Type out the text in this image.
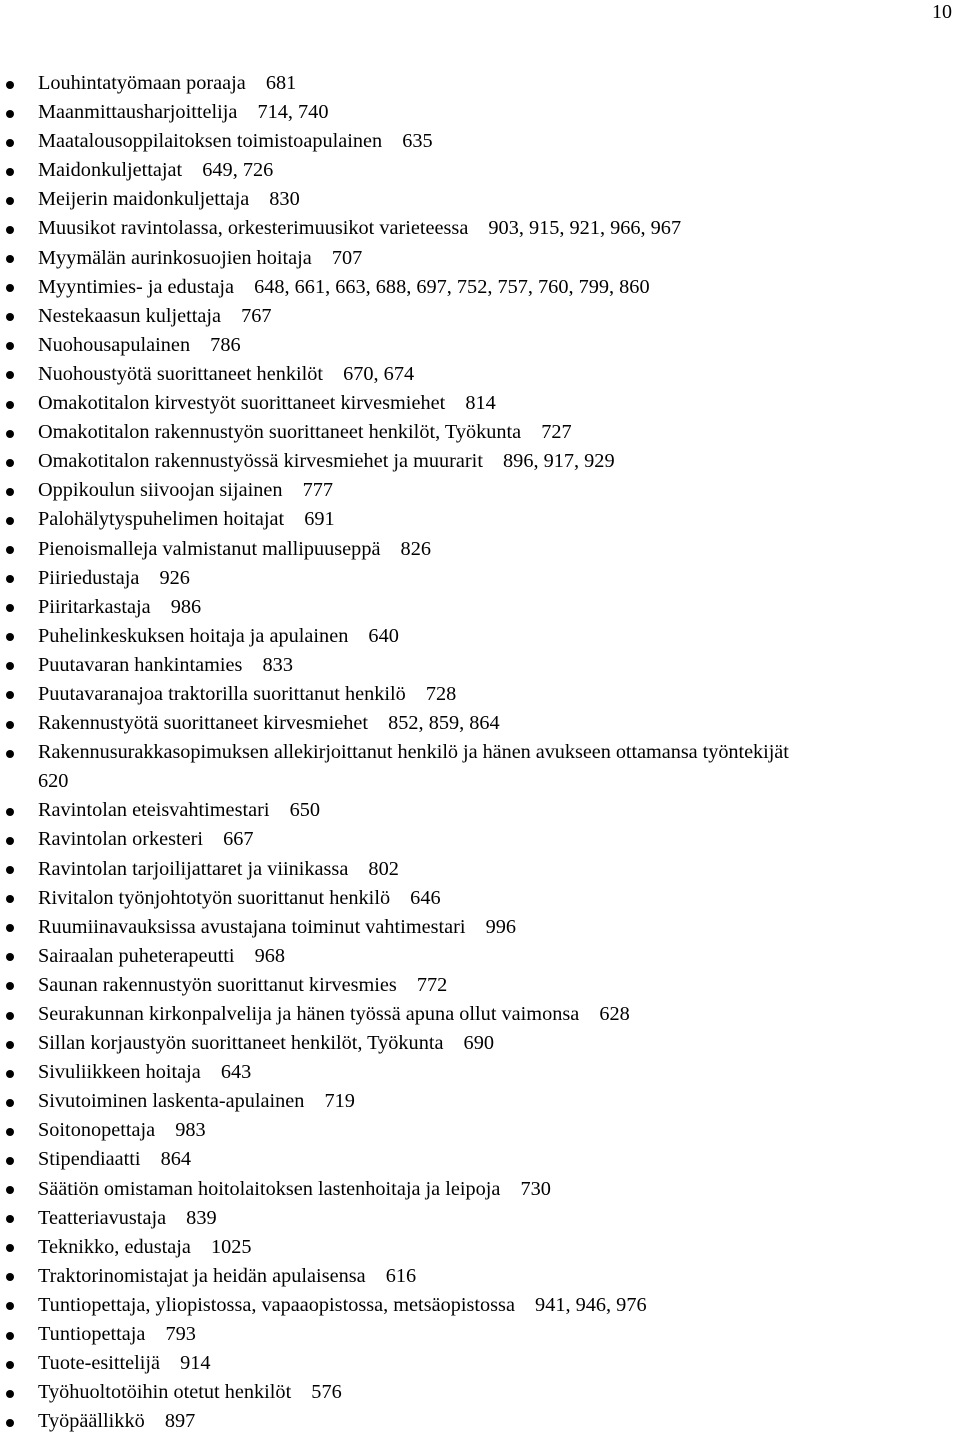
10
Louhintatyömaan poraaja 681
Maanmittausharjoittelija 714, 740
Maatalousoppilaitoksen toimistoapulainen 635
Maidonkuljettajat 649, 726
Meijerin maidonkuljettaja 830
Muusikot ravintolassa, orkesterimuusikot varieteessa 903, 915, 921, 966, 967
Myymälän aurinkosuojien hoitaja 707
Myyntimies- ja edustaja 648, 661, 663, 688, 697, 752, 757, 760, 799, 860
Nestekaasun kuljettaja 767
Nuohousapulainen 786
Nuohoustyötä suorittaneet henkilöt 670, 674
Omakotitalon kirvestyöt suorittaneet kirvesmiehet 814
Omakotitalon rakennustyön suorittaneet henkilöt, Työkunta 727
Omakotitalon rakennustyössä kirvesmiehet ja muurarit 896, 917, 929
Oppikoulun siivoojan sijainen 777
Palohälytyspuhelimen hoitajat 691
Pienoismalleja valmistanut mallipuuseppä 826
Piiriedustaja 926
Piiritarkastaja 986
Puhelinkeskuksen hoitaja ja apulainen 640
Puutavaran hankintamies 833
Puutavaranajoa traktorilla suorittanut henkilö 728
Rakennustyötä suorittaneet kirvesmiehet 852, 859, 864
Rakennusurakkasopimuksen allekirjoittanut henkilö ja hänen avukseen ottamansa työntekijät
620
Ravintolan eteisvahtimestari 650
Ravintolan orkesteri 667
Ravintolan tarjoilijattaret ja viinikassa 802
Rivitalon työnjohtotyön suorittanut henkilö 646
Ruumiinavauksissa avustajana toiminut vahtimestari 996
Sairaalan puheterapeutti 968
Saunan rakennustyön suorittanut kirvesmies 772
Seurakunnan kirkonpalvelija ja hänen työssä apuna ollut vaimonsa 628
Sillan korjaustyön suorittaneet henkilöt, Työkunta 690
Sivuliikkeen hoitaja 643
Sivutoiminen laskenta-apulainen 719
Soitonopettaja 983
Stipendiaatti 864
Säätiön omistaman hoitolaitoksen lastenhoitaja ja leipoja 730
Teatteriavustaja 839
Teknikko, edustaja 1025
Traktorinomistajat ja heidän apulaisensa 616
Tuntiopettaja, yliopistossa, vapaaopistossa, metsäopistossa 941, 946, 976
Tuntiopettaja 793
Tuote-esittelijä 914
Työhuoltotöihin otetut henkilöt 576
Työpäällikkö 897
